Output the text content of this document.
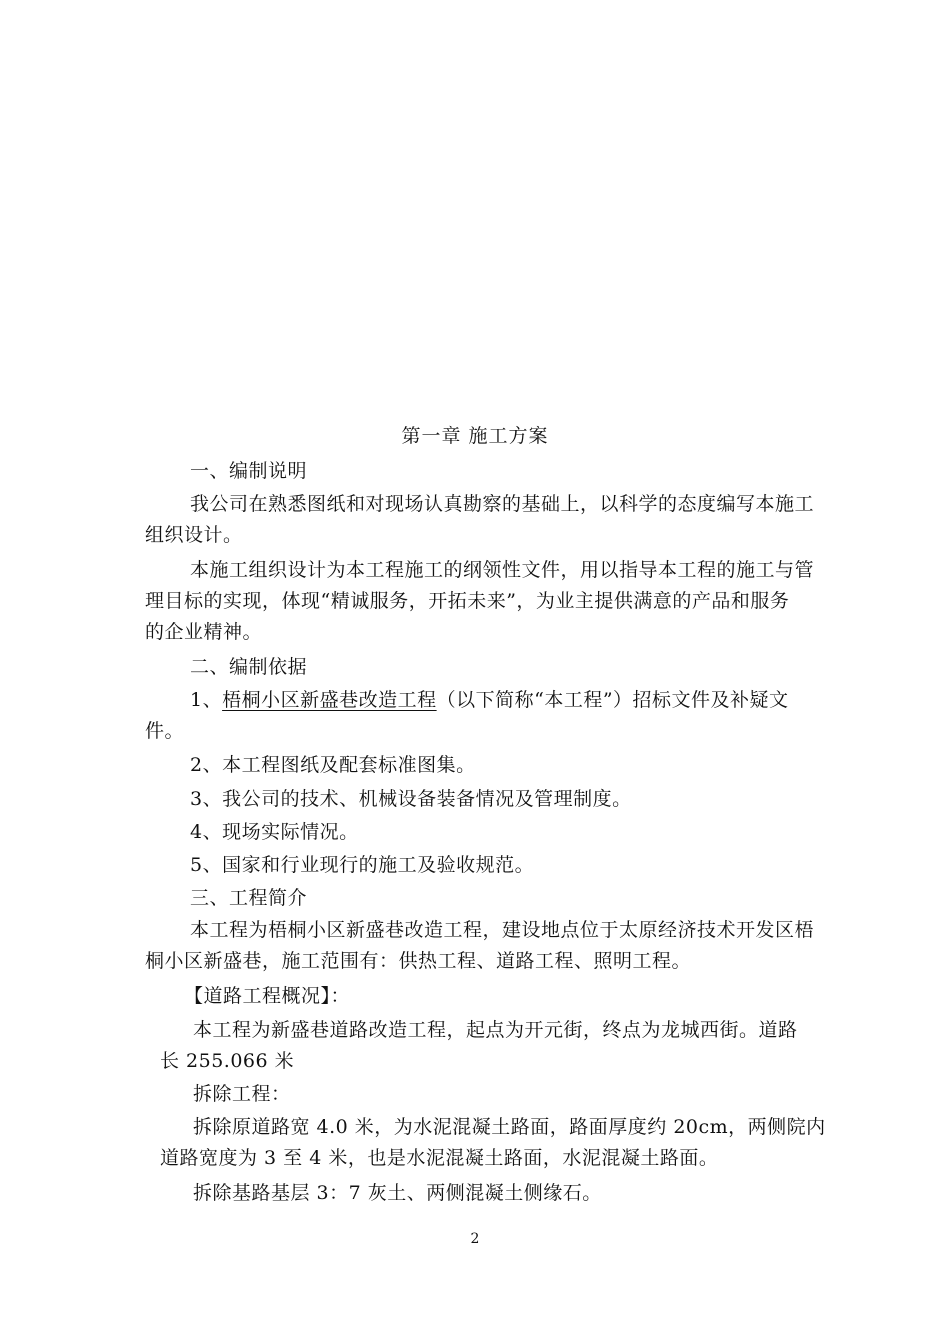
第一章 施工方案
一、编制说明
我公司在熟悉图纸和对现场认真勘察的基础上，以科学的态度编写本施工
组织设计。
本施工组织设计为本工程施工的纲领性文件，用以指导本工程的施工与管
理目标的实现，体现“精诚服务，开拓未来”，为业主提供满意的产品和服务
的企业精神。
二、编制依据
1、梧桐小区新盛巷改造工程（以下简称“本工程”）招标文件及补疑文
件。
2、本工程图纸及配套标准图集。
3、我公司的技术、机械设备装备情况及管理制度。
4、现场实际情况。
5、国家和行业现行的施工及验收规范。
三、工程简介
本工程为梧桐小区新盛巷改造工程，建设地点位于太原经济技术开发区梧
桐小区新盛巷，施工范围有：供热工程、道路工程、照明工程。
【道路工程概况】：
本工程为新盛巷道路改造工程，起点为开元街，终点为龙城西街。道路
长 255.066 米
拆除工程：
拆除原道路宽 4.0 米，为水泥混凝土路面，路面厚度约 20cm，两侧院内
道路宽度为 3 至 4 米，也是水泥混凝土路面，水泥混凝土路面。
拆除基路基层 3：7 灰土、两侧混凝土侧缘石。
2
